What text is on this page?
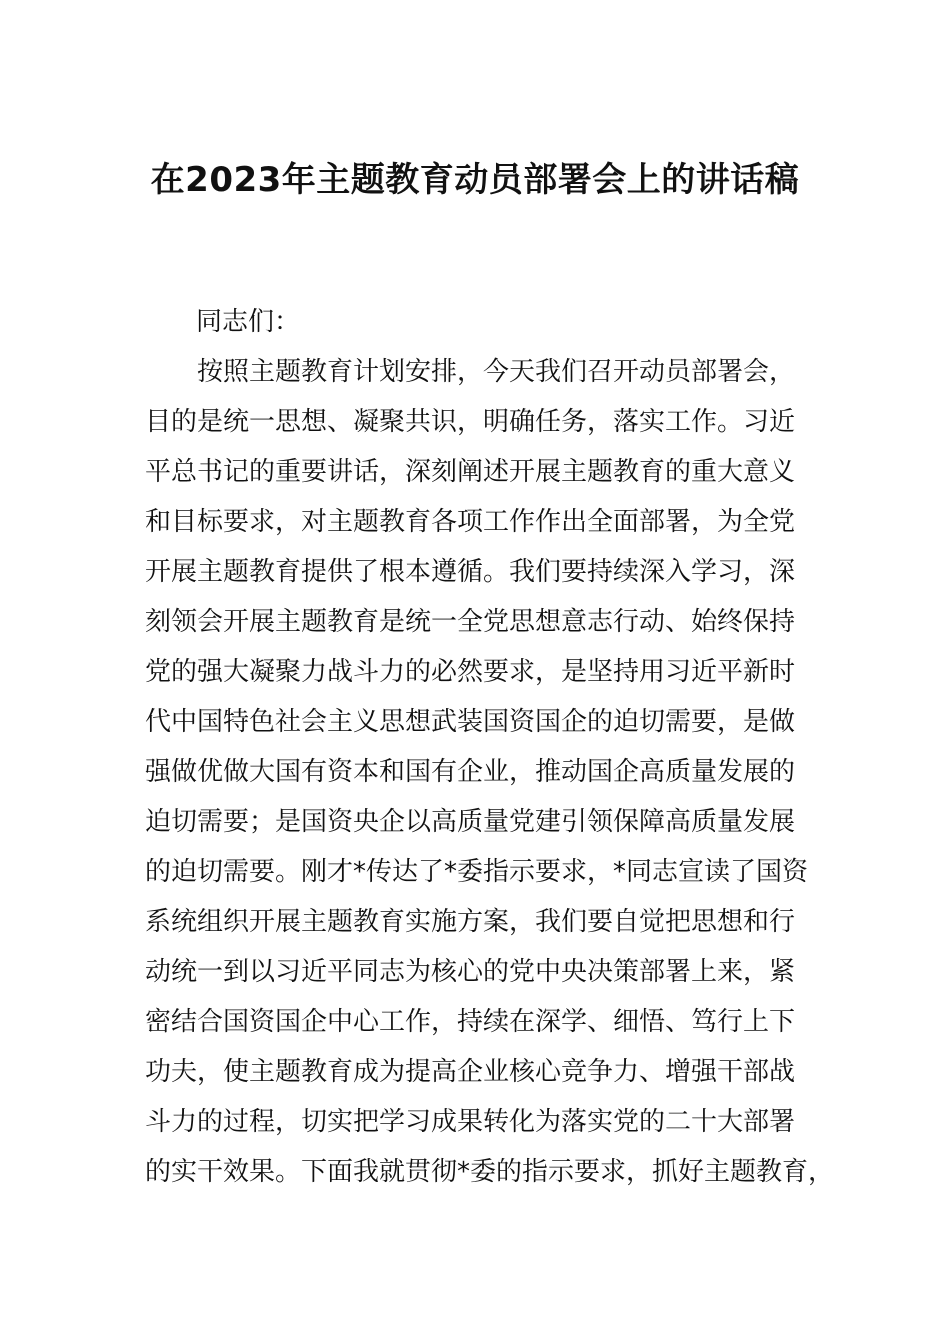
在2023年主题教育动员部署会上的讲话稿
同志们：
按照主题教育计划安排，今天我们召开动员部署会，
目的是统一思想、凝聚共识，明确任务，落实工作。习近
平总书记的重要讲话，深刻阐述开展主题教育的重大意义
和目标要求，对主题教育各项工作作出全面部署，为全党
开展主题教育提供了根本遵循。我们要持续深入学习，深
刻领会开展主题教育是统一全党思想意志行动、始终保持
党的强大凝聚力战斗力的必然要求，是坚持用习近平新时
代中国特色社会主义思想武装国资国企的迫切需要，是做
强做优做大国有资本和国有企业，推动国企高质量发展的
迫切需要；是国资央企以高质量党建引领保障高质量发展
的迫切需要。刚才*传达了*委指示要求，*同志宣读了国资
系统组织开展主题教育实施方案，我们要自觉把思想和行
动统一到以习近平同志为核心的党中央决策部署上来，紧
密结合国资国企中心工作，持续在深学、细悟、笃行上下
功夫，使主题教育成为提高企业核心竞争力、增强干部战
斗力的过程，切实把学习成果转化为落实党的二十大部署
的实干效果。下面我就贯彻*委的指示要求，抓好主题教育，
